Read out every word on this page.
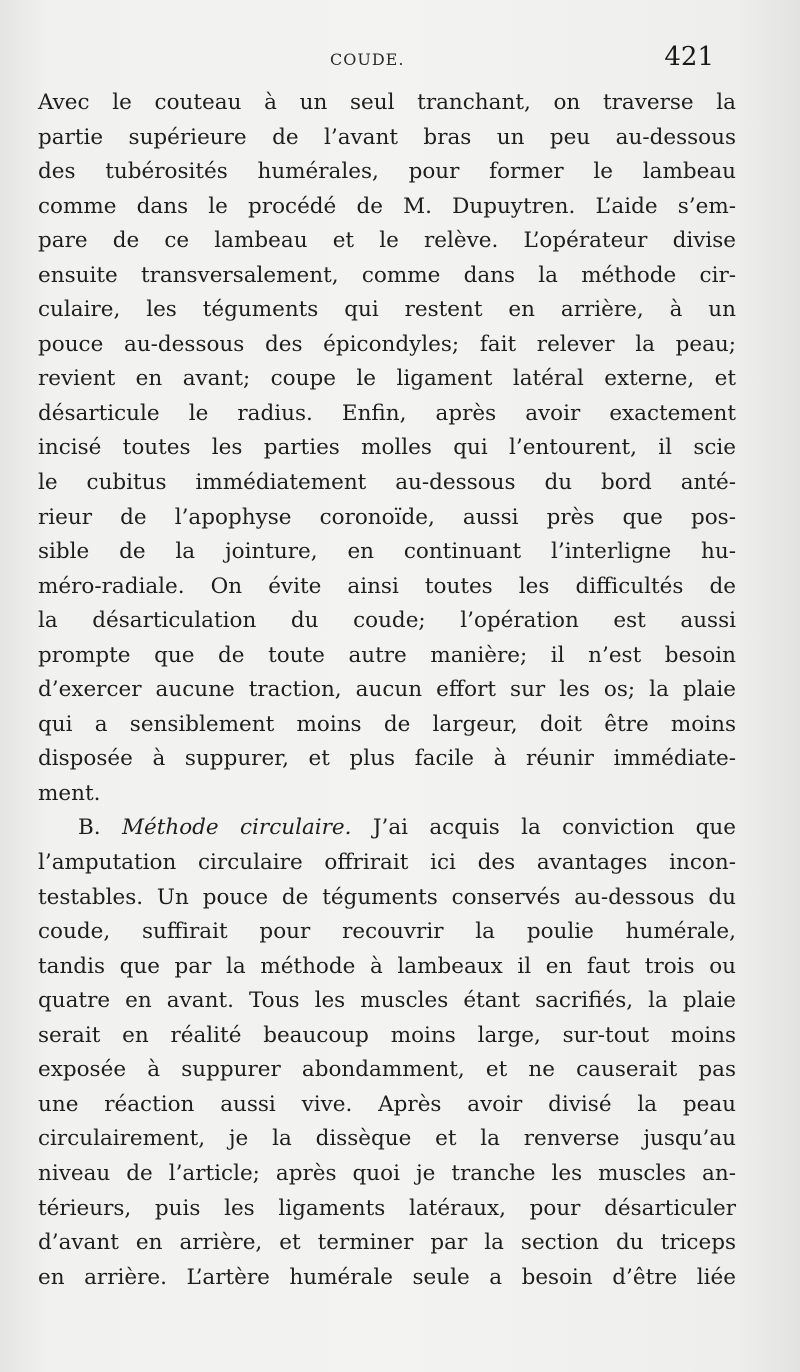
COUDE.	421
Avec le couteau à un seul tranchant, on traverse la
partie supérieure de l’avant bras un peu au-dessous
des tubérosités humérales, pour former le lambeau
comme dans le procédé de M. Dupuytren. L’aide s’em-
pare de ce lambeau et le relève. L’opérateur divise
ensuite transversalement, comme dans la méthode cir-
culaire, les téguments qui restent en arrière, à un
pouce au-dessous des épicondyles; fait relever la peau;
revient en avant; coupe le ligament latéral externe, et
désarticule le radius. Enfin, après avoir exactement
incisé toutes les parties molles qui l’entourent, il scie
le cubitus immédiatement au-dessous du bord anté-
rieur de l’apophyse coronoïde, aussi près que pos-
sible de la jointure, en continuant l’interligne hu-
méro-radiale. On évite ainsi toutes les difficultés de
la désarticulation du coude; l’opération est aussi
prompte que de toute autre manière; il n’est besoin
d’exercer aucune traction, aucun effort sur les os; la plaie
qui a sensiblement moins de largeur, doit être moins
disposée à suppurer, et plus facile à réunir immédiate-
ment.
B. Méthode circulaire. J’ai acquis la conviction que
l’amputation circulaire offrirait ici des avantages incon-
testables. Un pouce de téguments conservés au-dessous du
coude, suffirait pour recouvrir la poulie humérale,
tandis que par la méthode à lambeaux il en faut trois ou
quatre en avant. Tous les muscles étant sacrifiés, la plaie
serait en réalité beaucoup moins large, sur-tout moins
exposée à suppurer abondamment, et ne causerait pas
une réaction aussi vive. Après avoir divisé la peau
circulairement, je la dissèque et la renverse jusqu’au
niveau de l’article; après quoi je tranche les muscles an-
térieurs, puis les ligaments latéraux, pour désarticuler
d’avant en arrière, et terminer par la section du triceps
en arrière. L’artère humérale seule a besoin d’être liée
